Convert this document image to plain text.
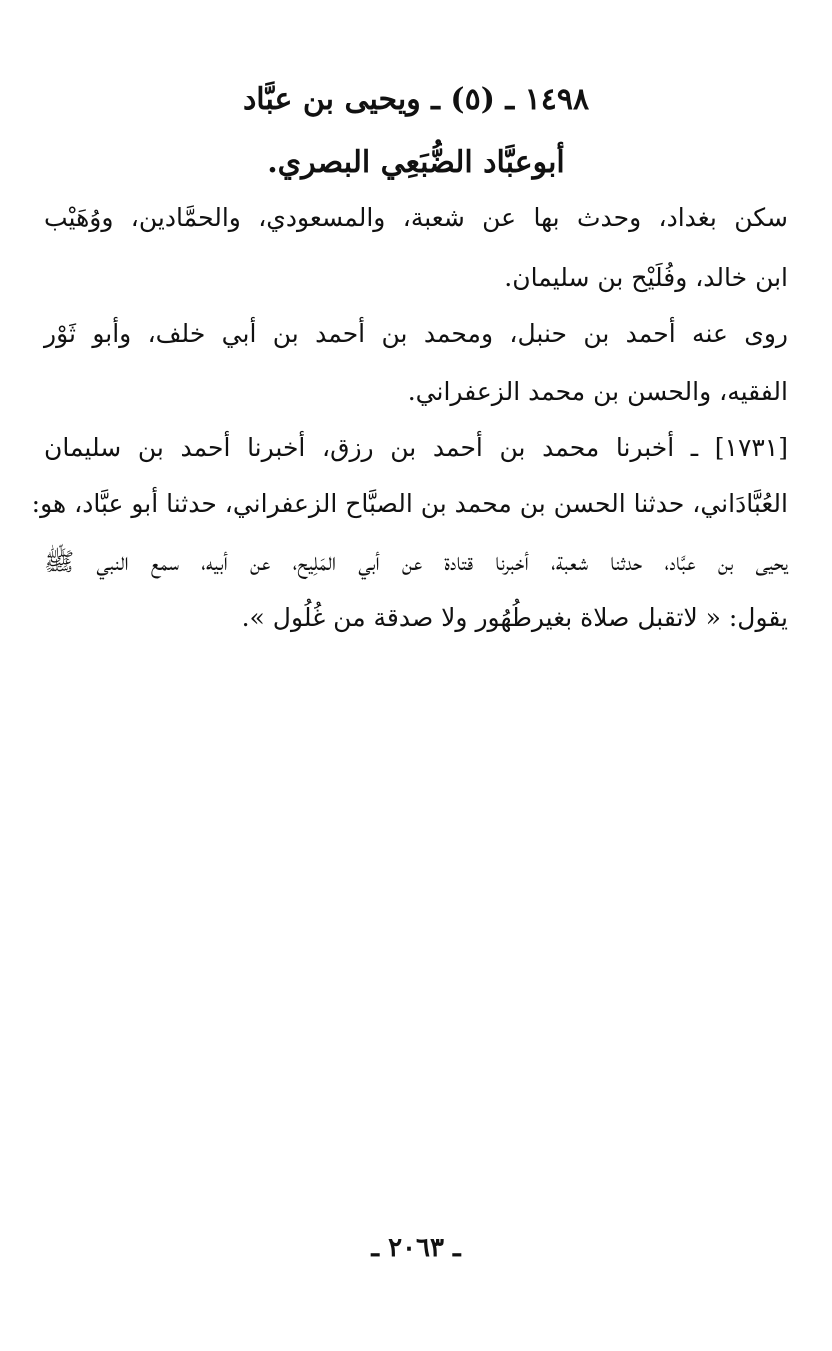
١٤٩٨ ـ (٥) ـ ويحيى بن عبَّاد
أبوعبَّاد الضُّبَعِي البصري.
سكن بغداد، وحدث بها عن شعبة، والمسعودي، والحمَّادين، ووُهَيْب
ابن خالد، وفُلَيْح بن سليمان.
روى عنه أحمد بن حنبل، ومحمد بن أحمد بن أبي خلف، وأبو ثَوْر
الفقيه، والحسن بن محمد الزعفراني.
[١٧٣١] ـ أخبرنا محمد بن أحمد بن رزق، أخبرنا أحمد بن سليمان
العُبَّادَاني، حدثنا الحسن بن محمد بن الصبَّاح الزعفراني، حدثنا أبو عبَّاد، هو:
يحيى بن عبَّاد، حدثنا شعبة، أخبرنا قتادة عن أبي المَلِيح، عن أبيه، سمع النبي ﷺ
يقول: « لاتقبل صلاة بغيرطُهُور ولا صدقة من غُلُول ».
ـ ٢٠٦٣ ـ
